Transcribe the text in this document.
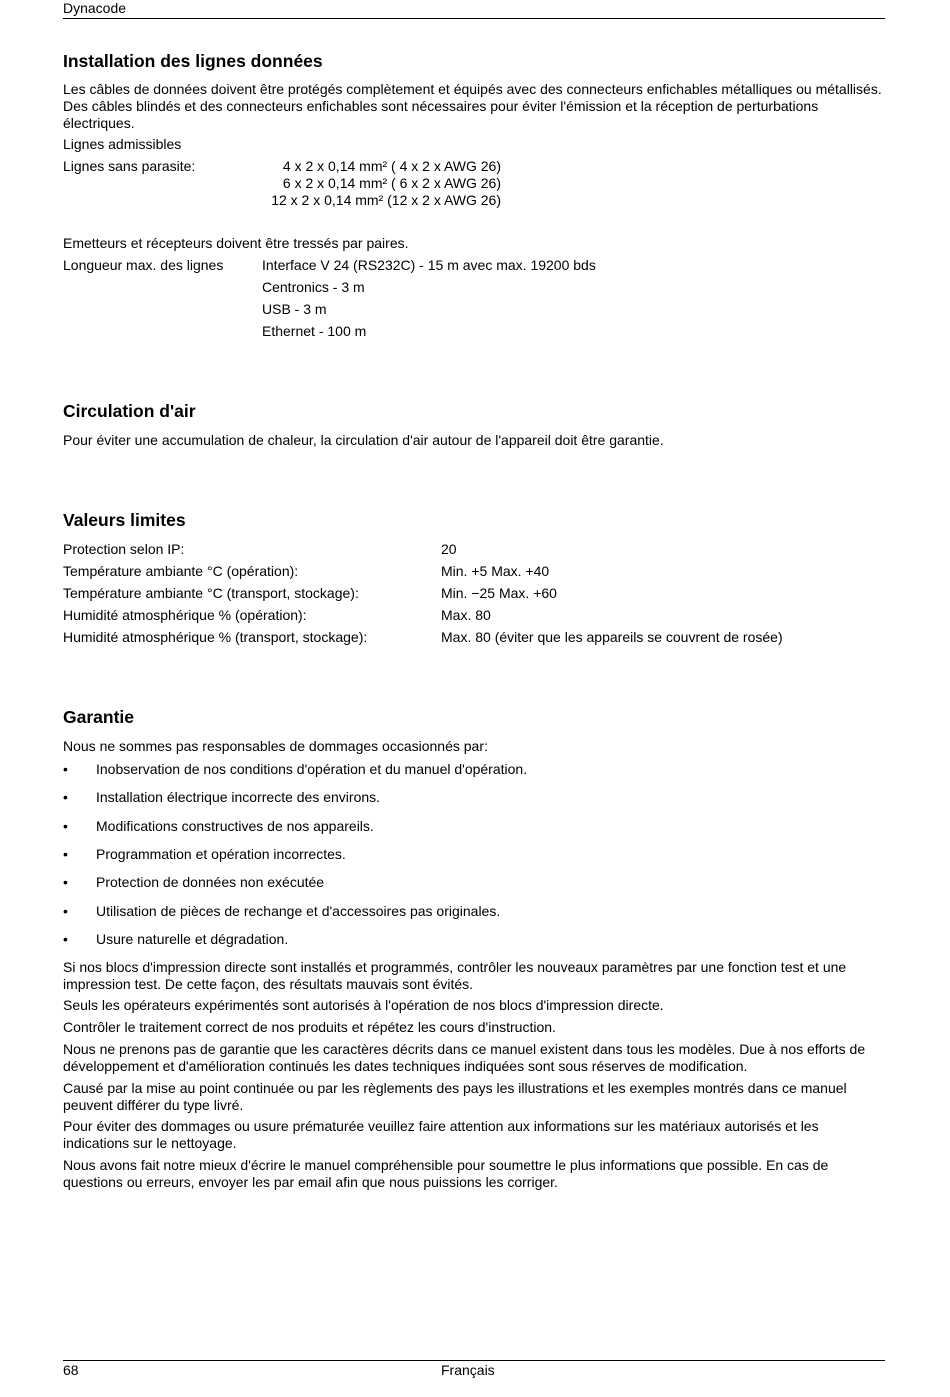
Dynacode
Installation des lignes données

Les câbles de données doivent être protégés complètement et équipés avec des connecteurs enfichables métalliques ou métallisés. Des câbles blindés et des connecteurs enfichables sont nécessaires pour éviter l'émission et la réception de perturbations électriques.

Lignes admissibles

Lignes sans parasite:	4 x 2 x 0,14 mm² ( 4 x 2 x AWG 26)
6 x 2 x 0,14 mm² ( 6 x 2 x AWG 26)
12 x 2 x 0,14 mm² (12 x 2 x AWG 26)

Emetteurs et récepteurs doivent être tressés par paires.

Longueur max. des lignes	Interface V 24 (RS232C) - 15 m avec max. 19200 bds

Centronics - 3 m

USB - 3 m

Ethernet - 100 m

Circulation d'air

Pour éviter une accumulation de chaleur, la circulation d'air autour de l'appareil doit être garantie.

Valeurs limites

Protection selon IP:	20

Température ambiante °C (opération):	Min. +5 Max. +40

Température ambiante °C (transport, stockage):	Min. −25 Max. +60

Humidité atmosphérique % (opération):	Max. 80

Humidité atmosphérique % (transport, stockage):	Max. 80 (éviter que les appareils se couvrent de rosée)

Garantie

Nous ne sommes pas responsables de dommages occasionnés par:

• Inobservation de nos conditions d'opération et du manuel d'opération.
• Installation électrique incorrecte des environs.
• Modifications constructives de nos appareils.
• Programmation et opération incorrectes.
• Protection de données non exécutée
• Utilisation de pièces de rechange et d'accessoires pas originales.
• Usure naturelle et dégradation.

Si nos blocs d'impression directe sont installés et programmés, contrôler les nouveaux paramètres par une fonction test et une impression test. De cette façon, des résultats mauvais sont évités.

Seuls les opérateurs expérimentés sont autorisés à l'opération de nos blocs d'impression directe.

Contrôler le traitement correct de nos produits et répétez les cours d'instruction.

Nous ne prenons pas de garantie que les caractères décrits dans ce manuel existent dans tous les modèles. Due à nos efforts de développement et d'amélioration continués les dates techniques indiquées sont sous réserves de modification.

Causé par la mise au point continuée ou par les règlements des pays les illustrations et les exemples montrés dans ce manuel peuvent différer du type livré.

Pour éviter des dommages ou usure prématurée veuillez faire attention aux informations sur les matériaux autorisés et les indications sur le nettoyage.

Nous avons fait notre mieux d'écrire le manuel compréhensible pour soumettre le plus informations que possible. En cas de questions ou erreurs, envoyer les par email afin que nous puissions les corriger.

68	Français
